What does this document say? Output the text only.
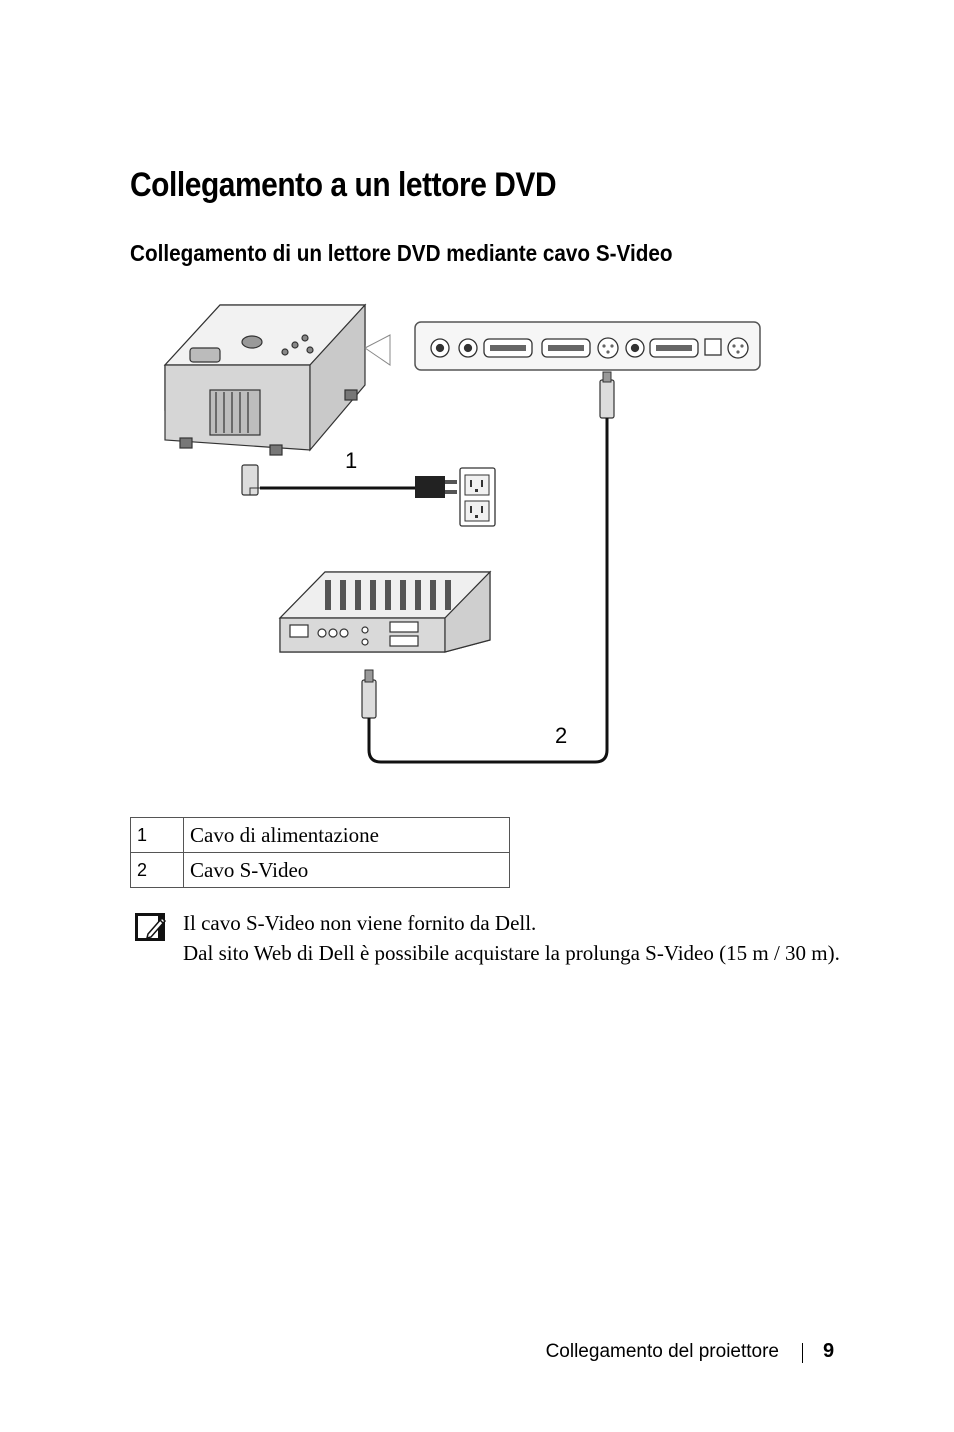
Collegamento a un lettore DVD
Collegamento di un lettore DVD mediante cavo S-Video
1
2
1	Cavo di alimentazione
2	Cavo S-Video
Il cavo S-Video non viene fornito da Dell.
Dal sito Web di Dell è possibile acquistare la prolunga S-Video (15 m / 30 m).
Collegamento del proiettore 9
